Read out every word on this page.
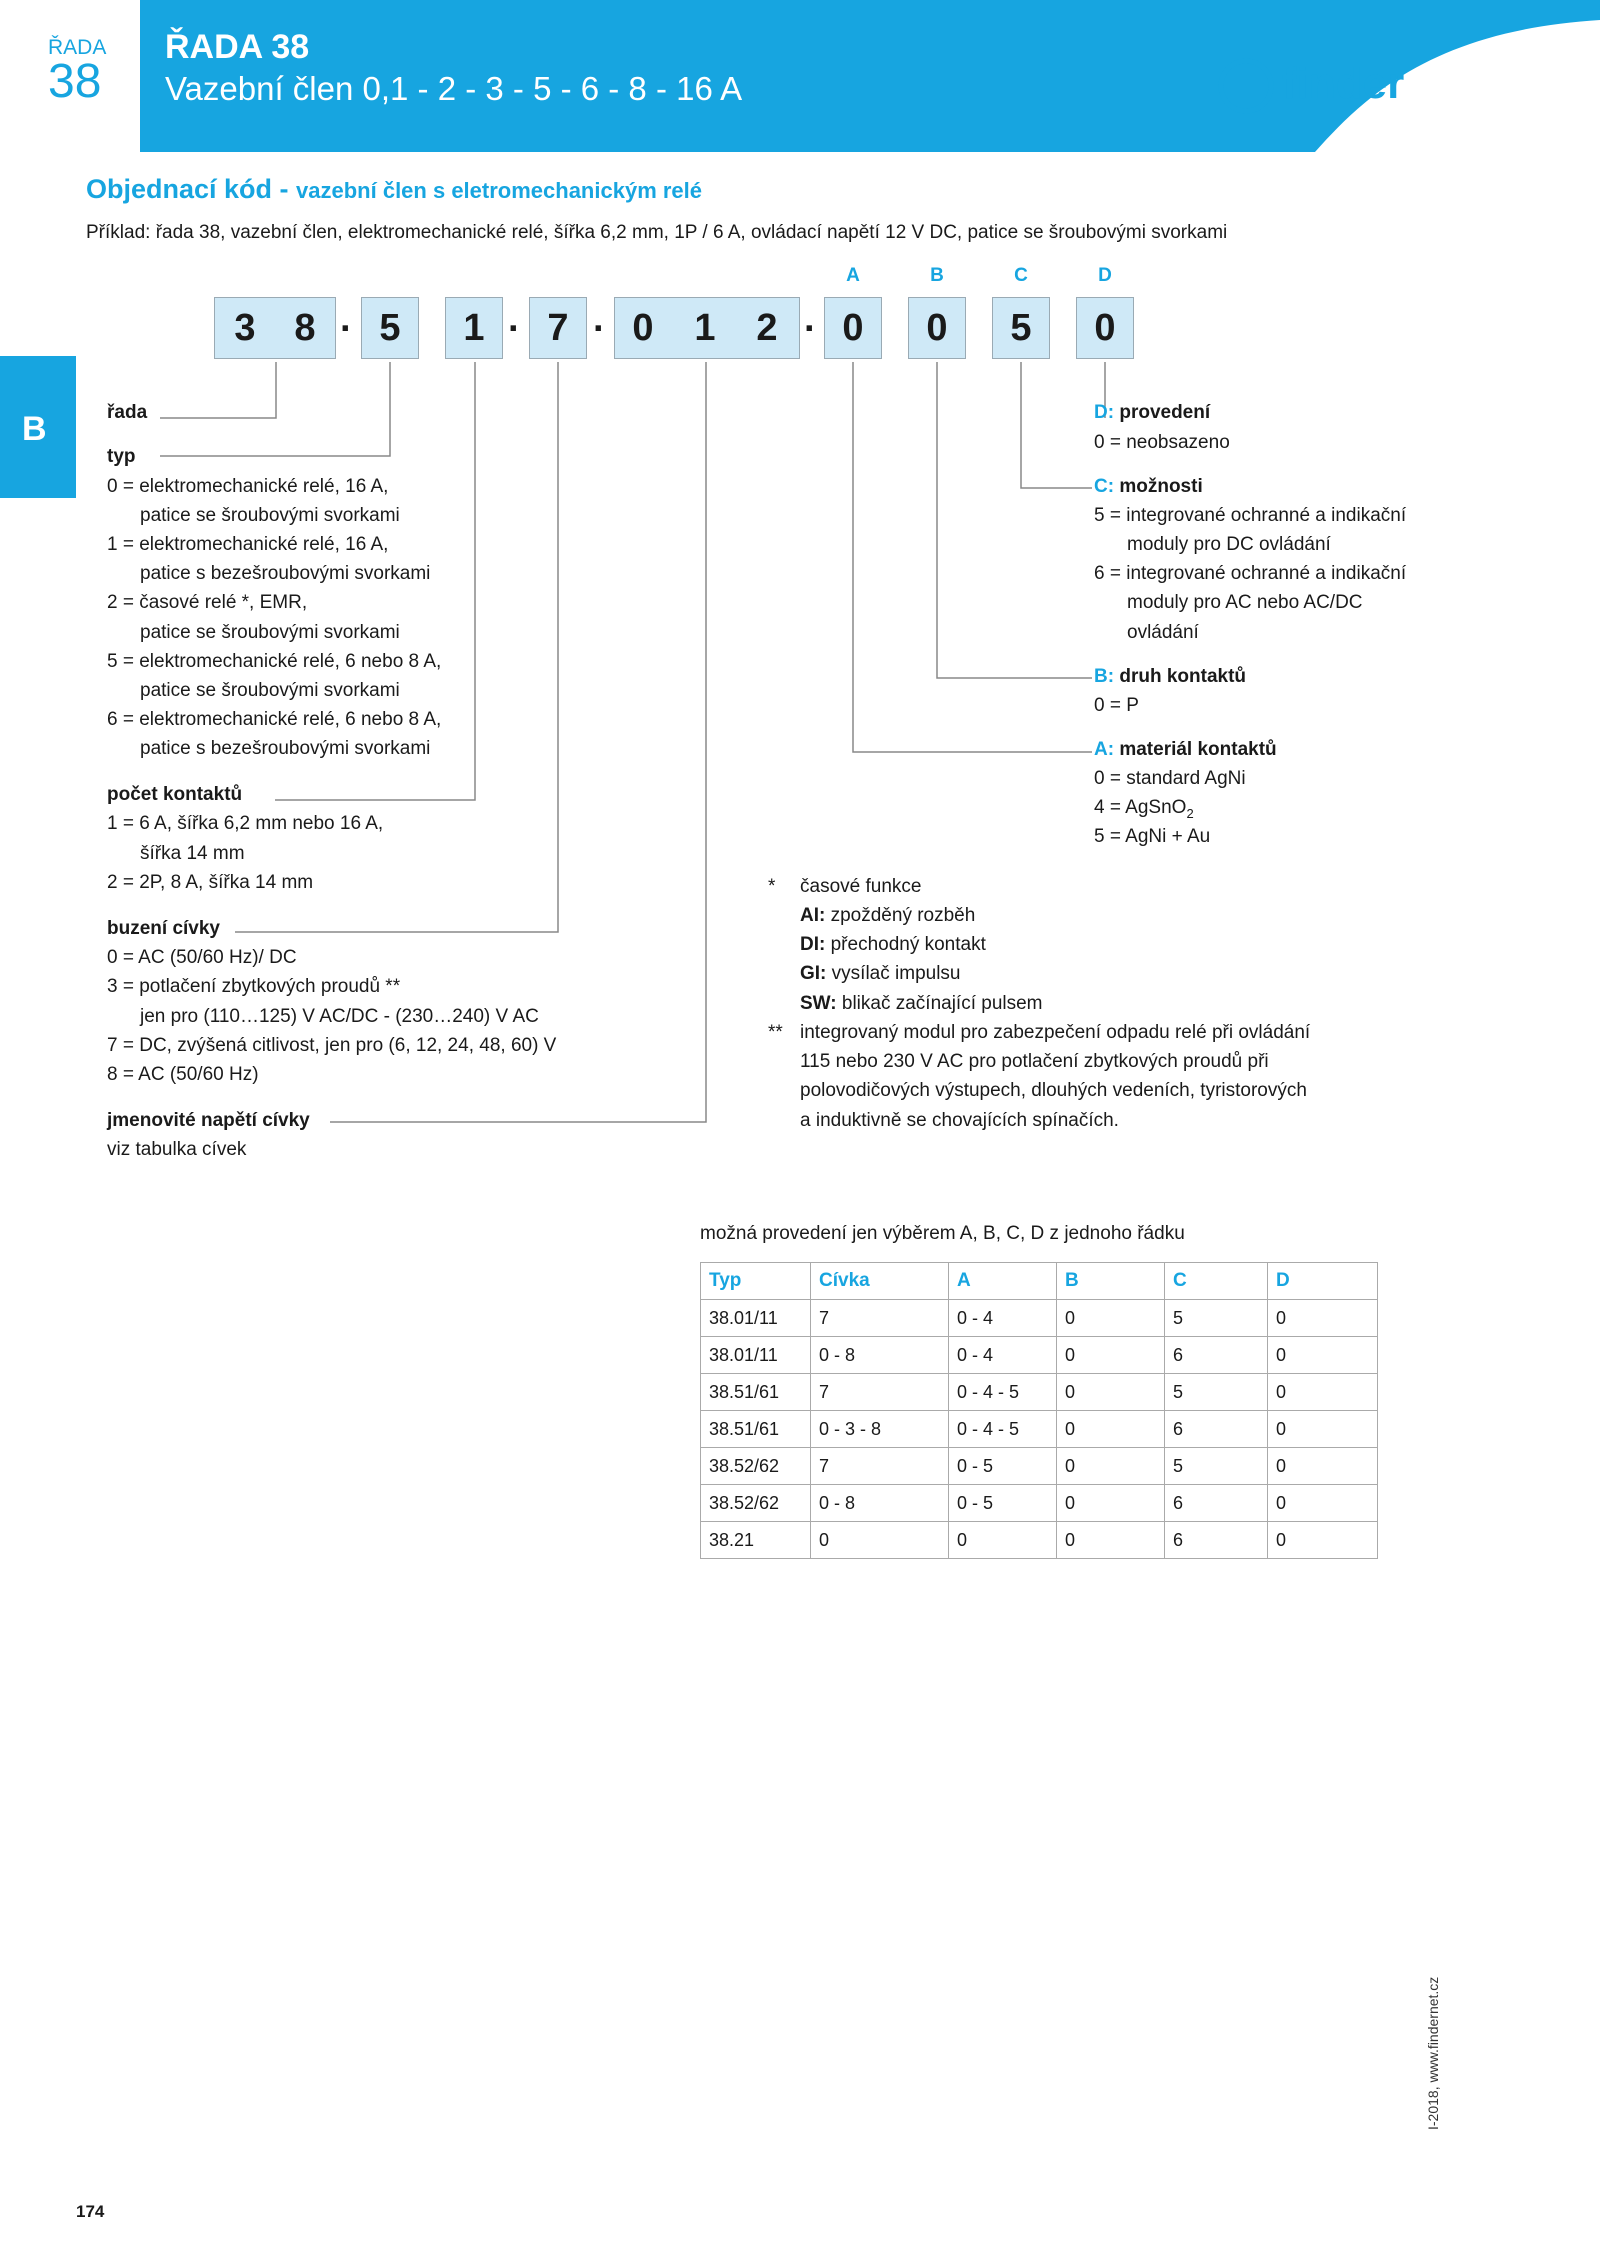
ŘADA
38
ŘADA 38
Vazební člen 0,1 - 2 - 3 - 5 - 6 - 8 - 16 A	finder
B
Objednací kód - vazební člen s eletromechanickým relé
Příklad: řada 38, vazební člen, elektromechanické relé, šířka 6,2 mm, 1P / 6 A, ovládací napětí 12 V DC, patice se šroubovými svorkami
3 8 . 5	1 . 7 . 0 1 2 . 0	0	5	0
A	B	C	D
řada
typ
0 = elektromechanické relé, 16 A,
patice se šroubovými svorkami
1 = elektromechanické relé, 16 A,
patice s bezešroubovými svorkami
2 = časové relé *, EMR,
patice se šroubovými svorkami
5 = elektromechanické relé, 6 nebo 8 A,
patice se šroubovými svorkami
6 = elektromechanické relé, 6 nebo 8 A,
patice s bezešroubovými svorkami
počet kontaktů
1 = 6 A, šířka 6,2 mm nebo 16 A,
šířka 14 mm
2 = 2P, 8 A, šířka 14 mm
buzení cívky
0 = AC (50/60 Hz)/ DC
3 = potlačení zbytkových proudů **
jen pro (110…125) V AC/DC - (230…240) V AC
7 = DC, zvýšená citlivost, jen pro (6, 12, 24, 48, 60) V
8 = AC (50/60 Hz)
jmenovité napětí cívky
viz tabulka cívek
D: provedení
0 = neobsazeno
C: možnosti
5 = integrované ochranné a indikační
moduly pro DC ovládání
6 = integrované ochranné a indikační
moduly pro AC nebo AC/DC
ovládání
B: druh kontaktů
0 = P
A: materiál kontaktů
0 = standard AgNi
4 = AgSnO$_2$
5 = AgNi + Au
* časové funkce
AI: zpožděný rozběh
DI: přechodný kontakt
GI: vysílač impulsu
SW: blikač začínající pulsem
** integrovaný modul pro zabezpečení odpadu relé při ovládání
115 nebo 230 V AC pro potlačení zbytkových proudů při
polovodičových výstupech, dlouhých vedeních, tyristorových
a induktivně se chovajících spínačích.
možná provedení jen výběrem A, B, C, D z jednoho řádku
Typ	Cívka	A	B	C	D
38.01/11	7	0 - 4	0	5	0
38.01/11	0 - 8	0 - 4	0	6	0
38.51/61	7	0 - 4 - 5	0	5	0
38.51/61	0 - 3 - 8	0 - 4 - 5	0	6	0
38.52/62	7	0 - 5	0	5	0
38.52/62	0 - 8	0 - 5	0	6	0
38.21	0	0	0	6	0
174
I-2018, www.findernet.cz
